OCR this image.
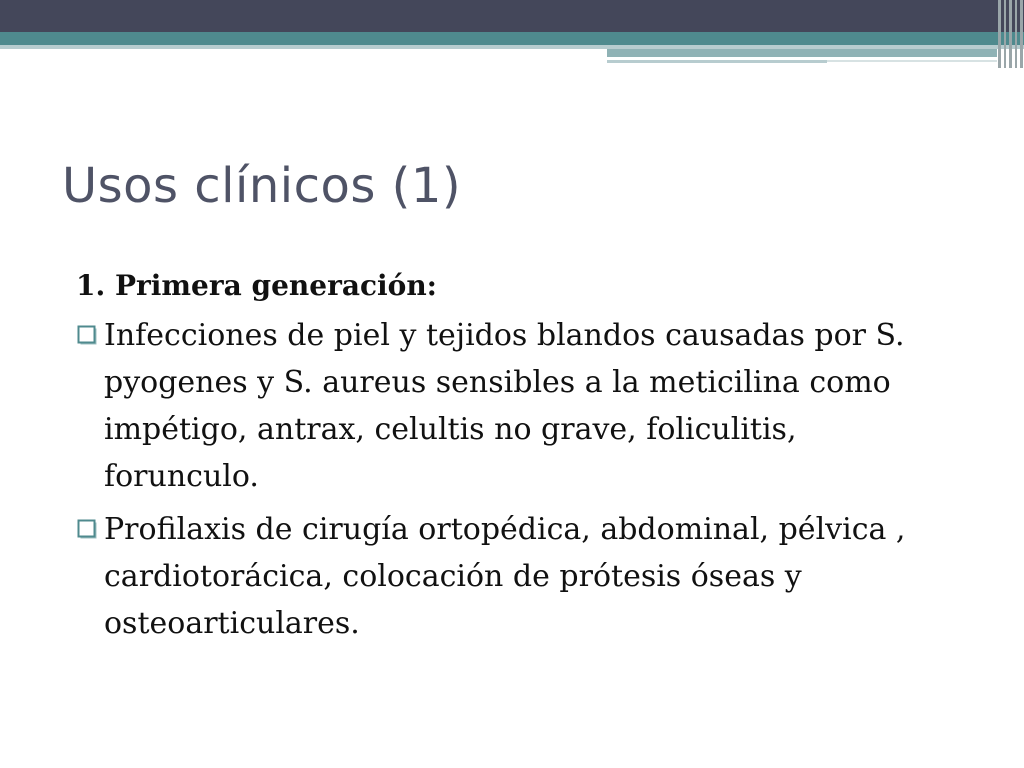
Usos clínicos (1)

1. Primera generación:

Infecciones de piel y tejidos blandos causadas por S. pyogenes y S. aureus sensibles a la meticilina como impétigo, antrax, celultis no grave, foliculitis, forunculo.

Profilaxis de cirugía ortopédica, abdominal, pélvica , cardiotorácica, colocación de prótesis óseas y osteoarticulares.
